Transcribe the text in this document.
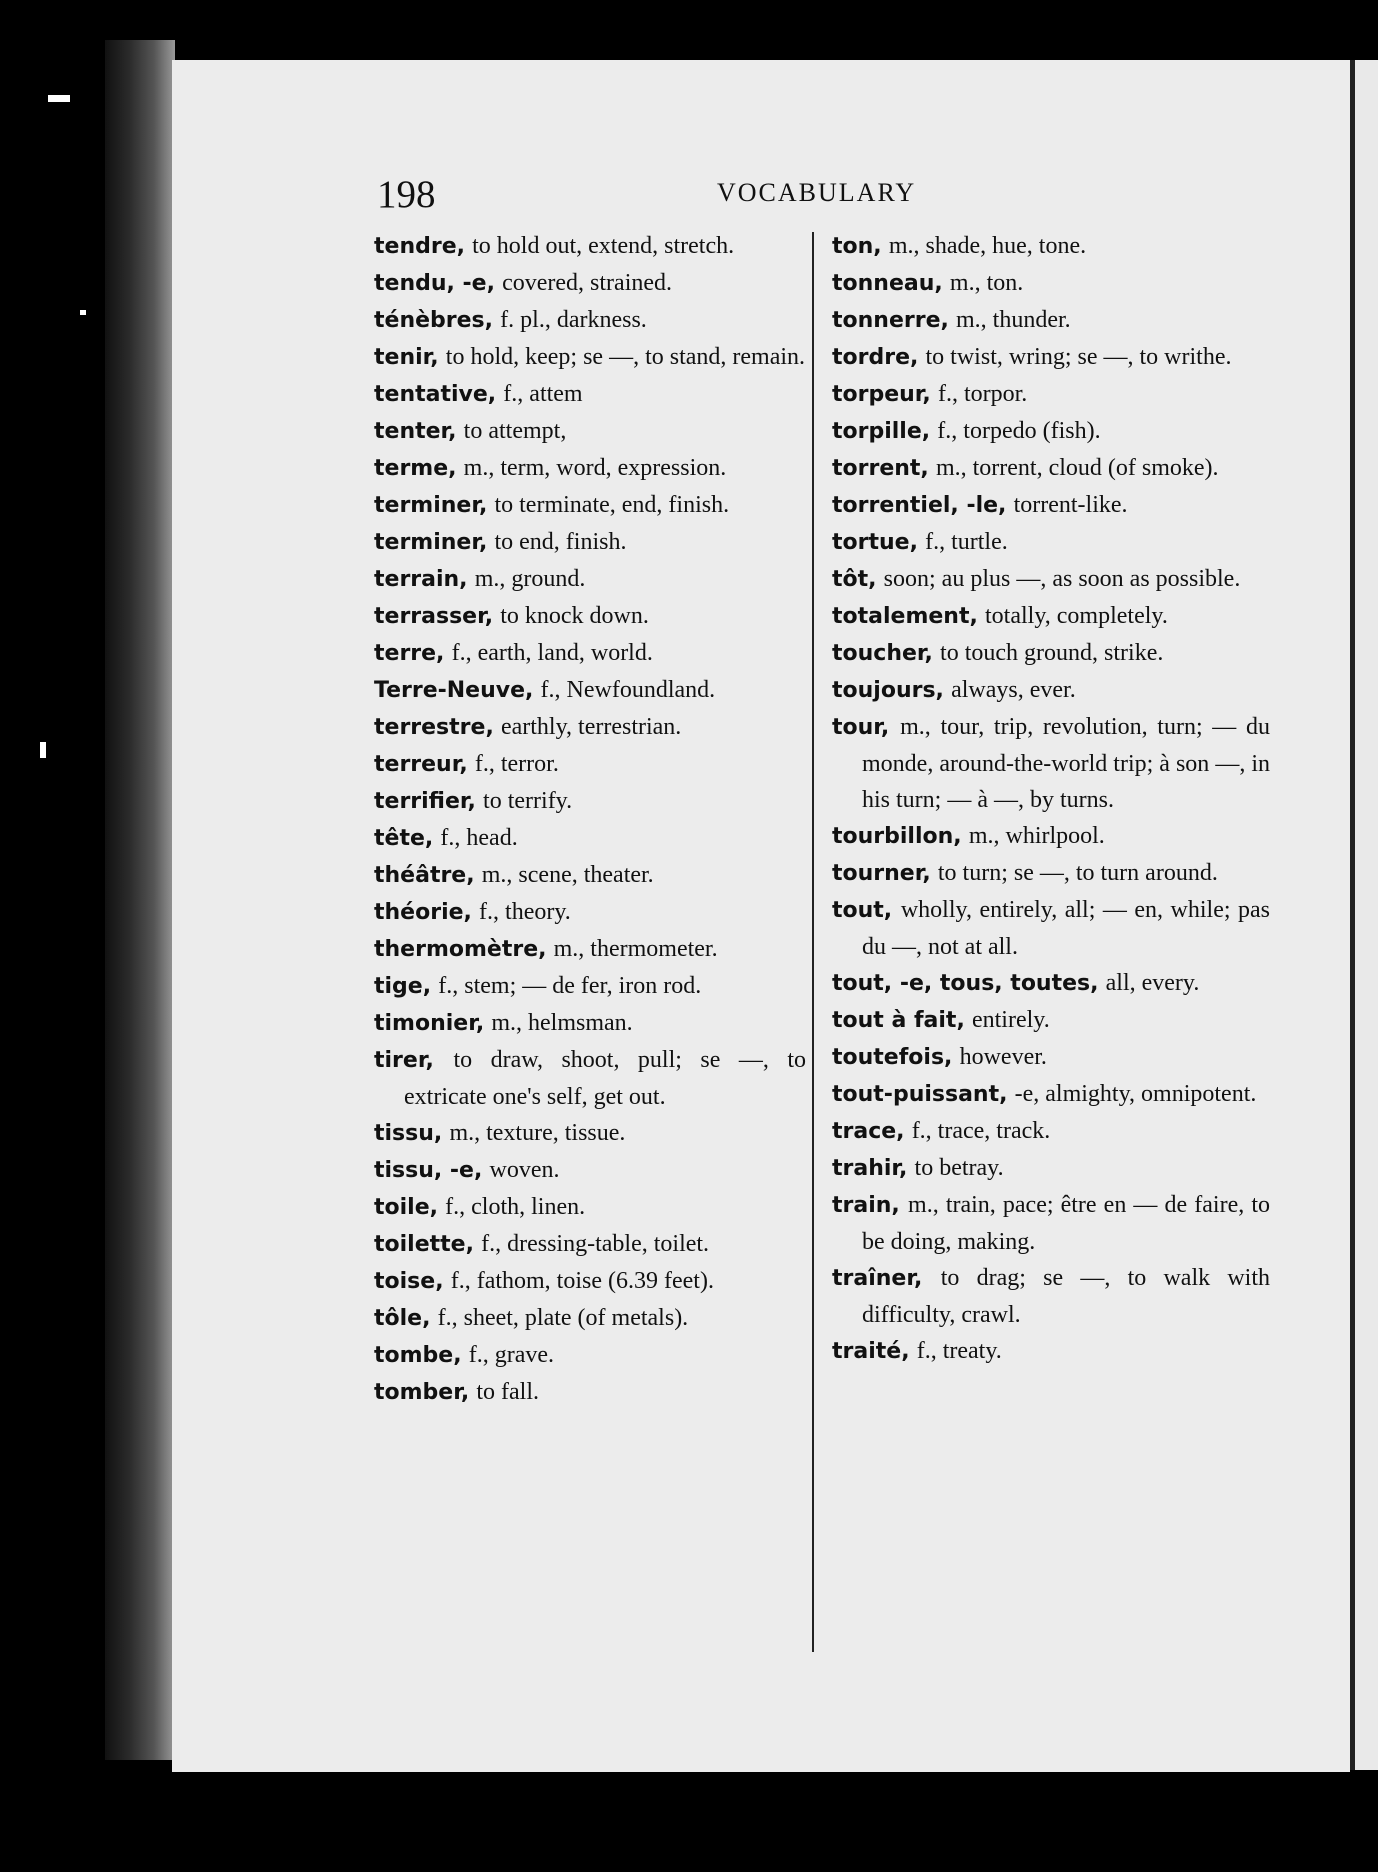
198	VOCABULARY
tendre, to hold out, extend, stretch.
tendu, -e, covered, strained.
ténèbres, f. pl., darkness.
tenir, to hold, keep; se —, to stand, remain.
tentative, f., attem
tenter, to attempt,
terme, m., term, word, expression.
terminer, to terminate, end, finish.
terminer, to end, finish.
terrain, m., ground.
terrasser, to knock down.
terre, f., earth, land, world.
Terre-Neuve, f., Newfoundland.
terrestre, earthly, terrestrian.
terreur, f., terror.
terrifier, to terrify.
tête, f., head.
théâtre, m., scene, theater.
théorie, f., theory.
thermomètre, m., thermometer.
tige, f., stem; — de fer, iron rod.
timonier, m., helmsman.
tirer, to draw, shoot, pull; se —, to extricate one's self, get out.
tissu, m., texture, tissue.
tissu, -e, woven.
toile, f., cloth, linen.
toilette, f., dressing-table, toilet.
toise, f., fathom, toise (6.39 feet).
tôle, f., sheet, plate (of metals).
tombe, f., grave.
tomber, to fall.
ton, m., shade, hue, tone.
tonneau, m., ton.
tonnerre, m., thunder.
tordre, to twist, wring; se —, to writhe.
torpeur, f., torpor.
torpille, f., torpedo (fish).
torrent, m., torrent, cloud (of smoke).
torrentiel, -le, torrent-like.
tortue, f., turtle.
tôt, soon; au plus —, as soon as possible.
totalement, totally, completely.
toucher, to touch ground, strike.
toujours, always, ever.
tour, m., tour, trip, revolution, turn; — du monde, around-the-world trip; à son —, in his turn; — à —, by turns.
tourbillon, m., whirlpool.
tourner, to turn; se —, to turn around.
tout, wholly, entirely, all; — en, while; pas du —, not at all.
tout, -e, tous, toutes, all, every.
tout à fait, entirely.
toutefois, however.
tout-puissant, -e, almighty, omnipotent.
trace, f., trace, track.
trahir, to betray.
train, m., train, pace; être en — de faire, to be doing, making.
traîner, to drag; se —, to walk with difficulty, crawl.
traité, f., treaty.
